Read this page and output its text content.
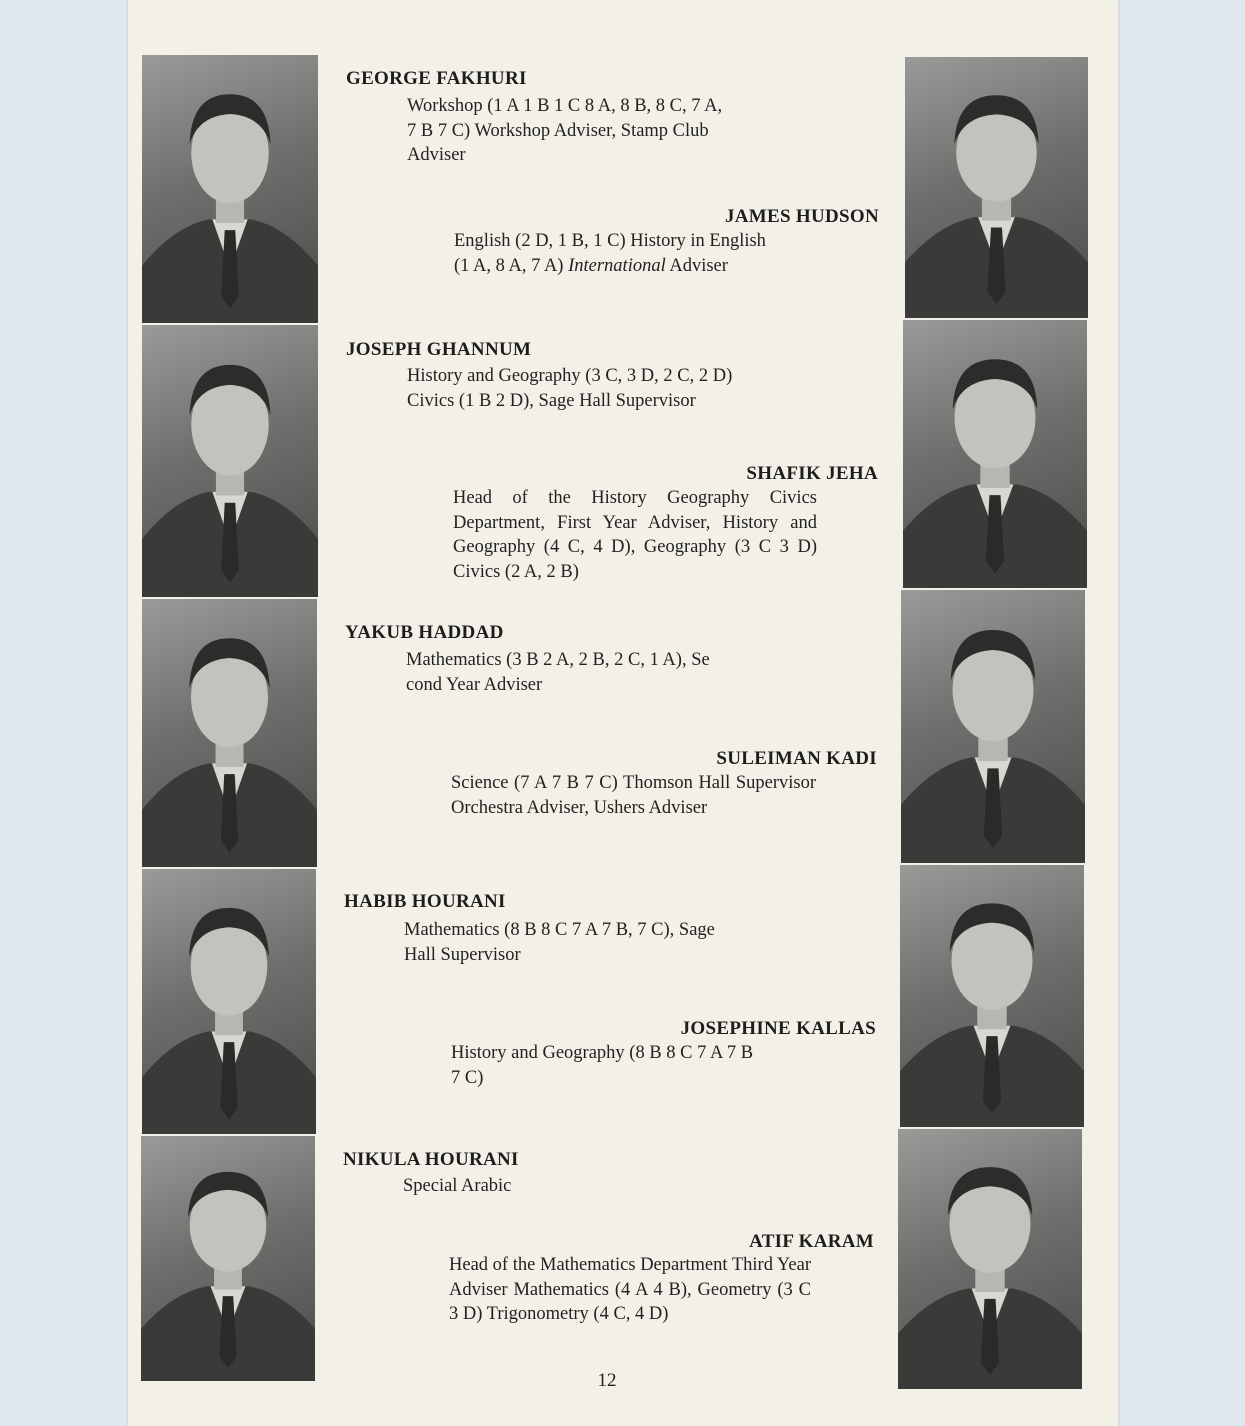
GEORGE FAKHURI
Workshop (1 A 1 B 1 C 8 A, 8 B, 8 C, 7 A,
7 B 7 C) Workshop Adviser, Stamp Club
Adviser
JAMES HUDSON
English (2 D, 1 B, 1 C) History in English
(1 A, 8 A, 7 A) International Adviser
JOSEPH GHANNUM
History and Geography (3 C, 3 D, 2 C, 2 D)
Civics (1 B 2 D), Sage Hall Supervisor
SHAFIK JEHA
Head of the History Geography Civics Department, First Year Adviser, History and Geography (4 C, 4 D), Geography (3 C 3 D) Civics (2 A, 2 B)
YAKUB HADDAD
Mathematics (3 B 2 A, 2 B, 2 C, 1 A), Se
cond Year Adviser
SULEIMAN KADI
Science (7 A 7 B 7 C) Thomson Hall Supervisor Orchestra Adviser, Ushers Adviser
HABIB HOURANI
Mathematics (8 B 8 C 7 A 7 B, 7 C), Sage
Hall Supervisor
JOSEPHINE KALLAS
History and Geography (8 B 8 C 7 A 7 B
7 C)
NIKULA HOURANI
Special Arabic
ATIF KARAM
Head of the Mathematics Department Third Year Adviser Mathematics (4 A 4 B), Geometry (3 C 3 D) Trigonometry (4 C, 4 D)
12
